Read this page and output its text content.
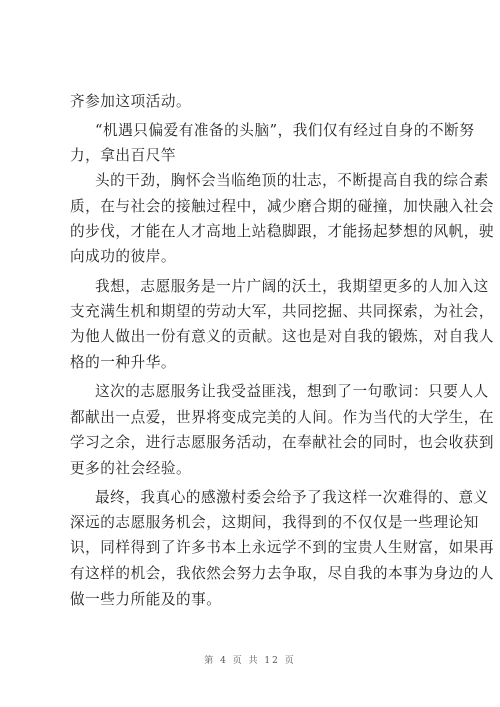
齐参加这项活动。
“机遇只偏爱有准备的头脑”，我们仅有经过自身的不断努
力，拿出百尺竿
头的干劲，胸怀会当临绝顶的壮志，不断提高自我的综合素
质，在与社会的接触过程中，减少磨合期的碰撞，加快融入社会
的步伐，才能在人才高地上站稳脚跟，才能扬起梦想的风帆，驶
向成功的彼岸。
我想，志愿服务是一片广阔的沃土，我期望更多的人加入这
支充满生机和期望的劳动大军，共同挖掘、共同探索，为社会，
为他人做出一份有意义的贡献。这也是对自我的锻炼，对自我人
格的一种升华。
这次的志愿服务让我受益匪浅，想到了一句歌词：只要人人
都献出一点爱，世界将变成完美的人间。作为当代的大学生，在
学习之余，进行志愿服务活动，在奉献社会的同时，也会收获到
更多的社会经验。
最终，我真心的感激村委会给予了我这样一次难得的、意义
深远的志愿服务机会，这期间，我得到的不仅仅是一些理论知
识，同样得到了许多书本上永远学不到的宝贵人生财富，如果再
有这样的机会，我依然会努力去争取，尽自我的本事为身边的人
做一些力所能及的事。
第 4 页 共 12 页
